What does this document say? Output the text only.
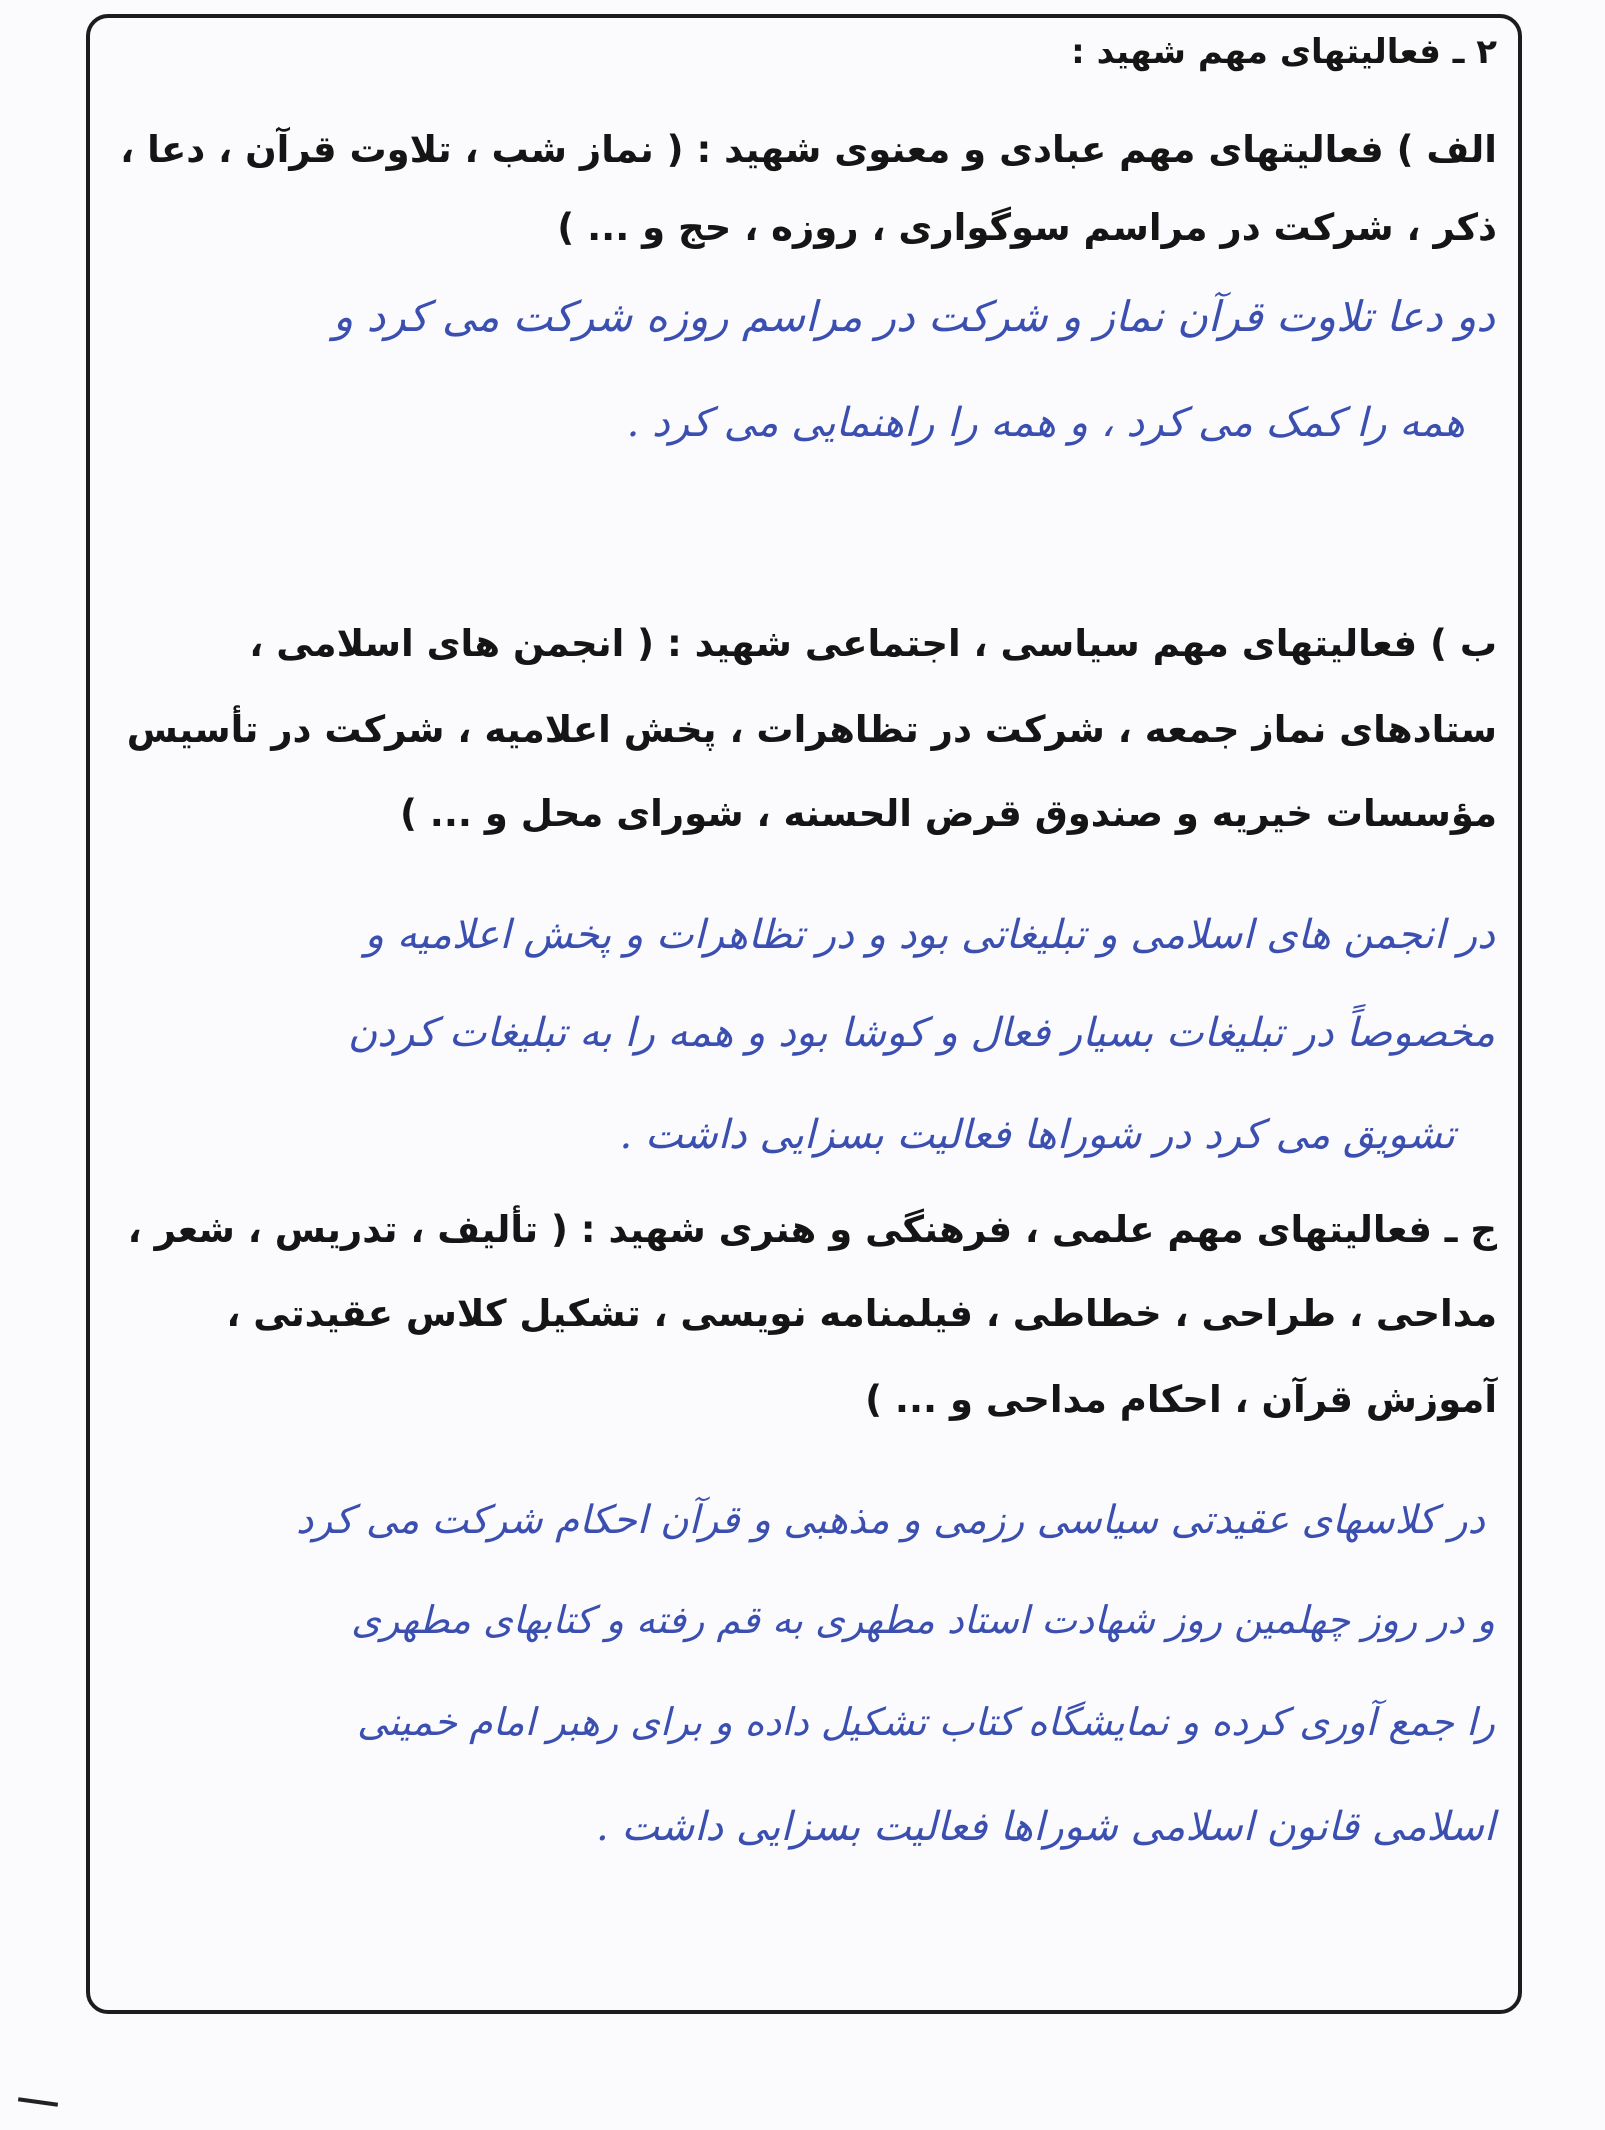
۲ ـ فعالیتهای مهم شهید :
الف ) فعالیتهای مهم عبادی و معنوی شهید : ( نماز شب ، تلاوت قرآن ، دعا ،
ذکر ، شرکت در مراسم سوگواری ، روزه ، حج و ... )
دو دعا تلاوت قرآن نماز و شرکت در مراسم روزه شرکت می کرد و
همه را کمک می کرد ، و همه را راهنمایی می کرد .
ب ) فعالیتهای مهم سیاسی ، اجتماعی شهید : ( انجمن های اسلامی ،
ستادهای نماز جمعه ، شرکت در تظاهرات ، پخش اعلامیه ، شرکت در تأسیس
مؤسسات خیریه و صندوق قرض الحسنه ، شورای محل و ... )
در انجمن های اسلامی و تبلیغاتی بود و در تظاهرات و پخش اعلامیه و
مخصوصاً در تبلیغات بسیار فعال و کوشا بود و همه را به تبلیغات کردن
تشویق می کرد در شوراها فعالیت بسزایی داشت .
ج ـ فعالیتهای مهم علمی ، فرهنگی و هنری شهید : ( تألیف ، تدریس ، شعر ،
مداحی ، طراحی ، خطاطی ، فیلمنامه نویسی ، تشکیل کلاس عقیدتی ،
آموزش قرآن ، احکام مداحی و ... )
در کلاسهای عقیدتی سیاسی رزمی و مذهبی و قرآن احکام شرکت می کرد
و در روز چهلمین روز شهادت استاد مطهری به قم رفته و کتابهای مطهری
را جمع آوری کرده و نمایشگاه کتاب تشکیل داده و برای رهبر امام خمینی
اسلامی قانون اسلامی شوراها فعالیت بسزایی داشت .
